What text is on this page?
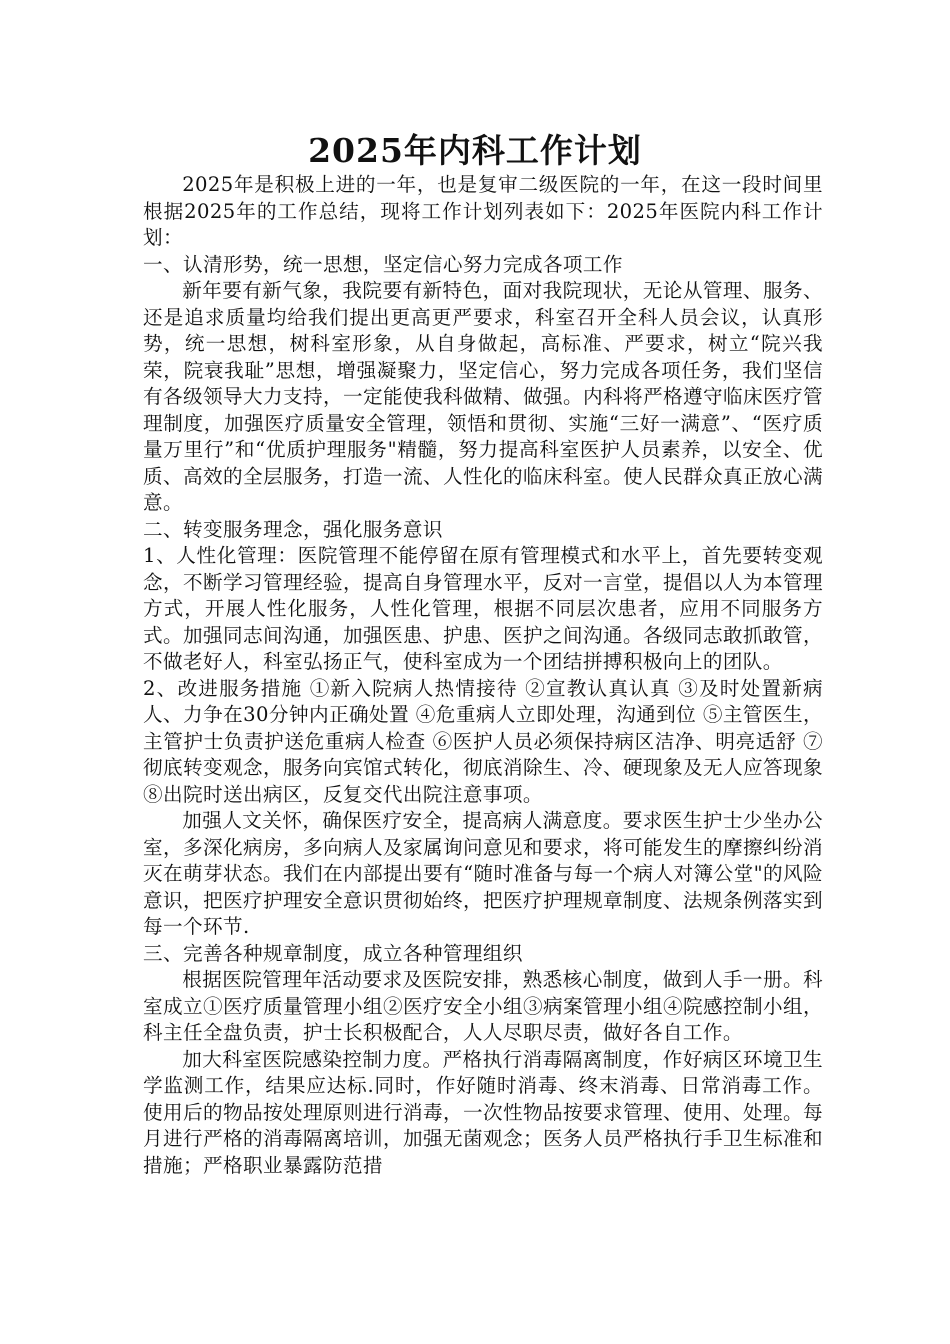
2025年内科工作计划

2025年是积极上进的一年，也是复审二级医院的一年，在这一段时间里根据2025年的工作总结，现将工作计划列表如下：2025年医院内科工作计划：

一、认清形势，统一思想，坚定信心努力完成各项工作

新年要有新气象，我院要有新特色，面对我院现状，无论从管理、服务、还是追求质量均给我们提出更高更严要求，科室召开全科人员会议，认真形势，统一思想，树科室形象，从自身做起，高标准、严要求，树立“院兴我荣，院衰我耻”思想，增强凝聚力，坚定信心，努力完成各项任务，我们坚信有各级领导大力支持，一定能使我科做精、做强。内科将严格遵守临床医疗管理制度，加强医疗质量安全管理，领悟和贯彻、实施“三好一满意”、“医疗质量万里行”和“优质护理服务"精髓，努力提高科室医护人员素养，以安全、优质、高效的全层服务，打造一流、人性化的临床科室。使人民群众真正放心满意。

二、转变服务理念，强化服务意识

1、人性化管理：医院管理不能停留在原有管理模式和水平上，首先要转变观念，不断学习管理经验，提高自身管理水平，反对一言堂，提倡以人为本管理方式，开展人性化服务，人性化管理，根据不同层次患者，应用不同服务方式。加强同志间沟通，加强医患、护患、医护之间沟通。各级同志敢抓敢管，不做老好人，科室弘扬正气，使科室成为一个团结拼搏积极向上的团队。

2、改进服务措施 ①新入院病人热情接待 ②宣教认真认真 ③及时处置新病人、力争在30分钟内正确处置 ④危重病人立即处理，沟通到位 ⑤主管医生，主管护士负责护送危重病人检查 ⑥医护人员必须保持病区洁净、明亮适舒 ⑦彻底转变观念，服务向宾馆式转化，彻底消除生、冷、硬现象及无人应答现象 ⑧出院时送出病区，反复交代出院注意事项。

加强人文关怀，确保医疗安全，提高病人满意度。要求医生护士少坐办公室，多深化病房，多向病人及家属询问意见和要求，将可能发生的摩擦纠纷消灭在萌芽状态。我们在内部提出要有“随时准备与每一个病人对簿公堂"的风险意识，把医疗护理安全意识贯彻始终，把医疗护理规章制度、法规条例落实到每一个环节.

三、完善各种规章制度，成立各种管理组织

根据医院管理年活动要求及医院安排，熟悉核心制度，做到人手一册。科室成立①医疗质量管理小组②医疗安全小组③病案管理小组④院感控制小组，科主任全盘负责，护士长积极配合，人人尽职尽责，做好各自工作。

加大科室医院感染控制力度。严格执行消毒隔离制度，作好病区环境卫生学监测工作，结果应达标.同时，作好随时消毒、终末消毒、日常消毒工作。使用后的物品按处理原则进行消毒，一次性物品按要求管理、使用、处理。每月进行严格的消毒隔离培训，加强无菌观念；医务人员严格执行手卫生标准和措施；严格职业暴露防范措
